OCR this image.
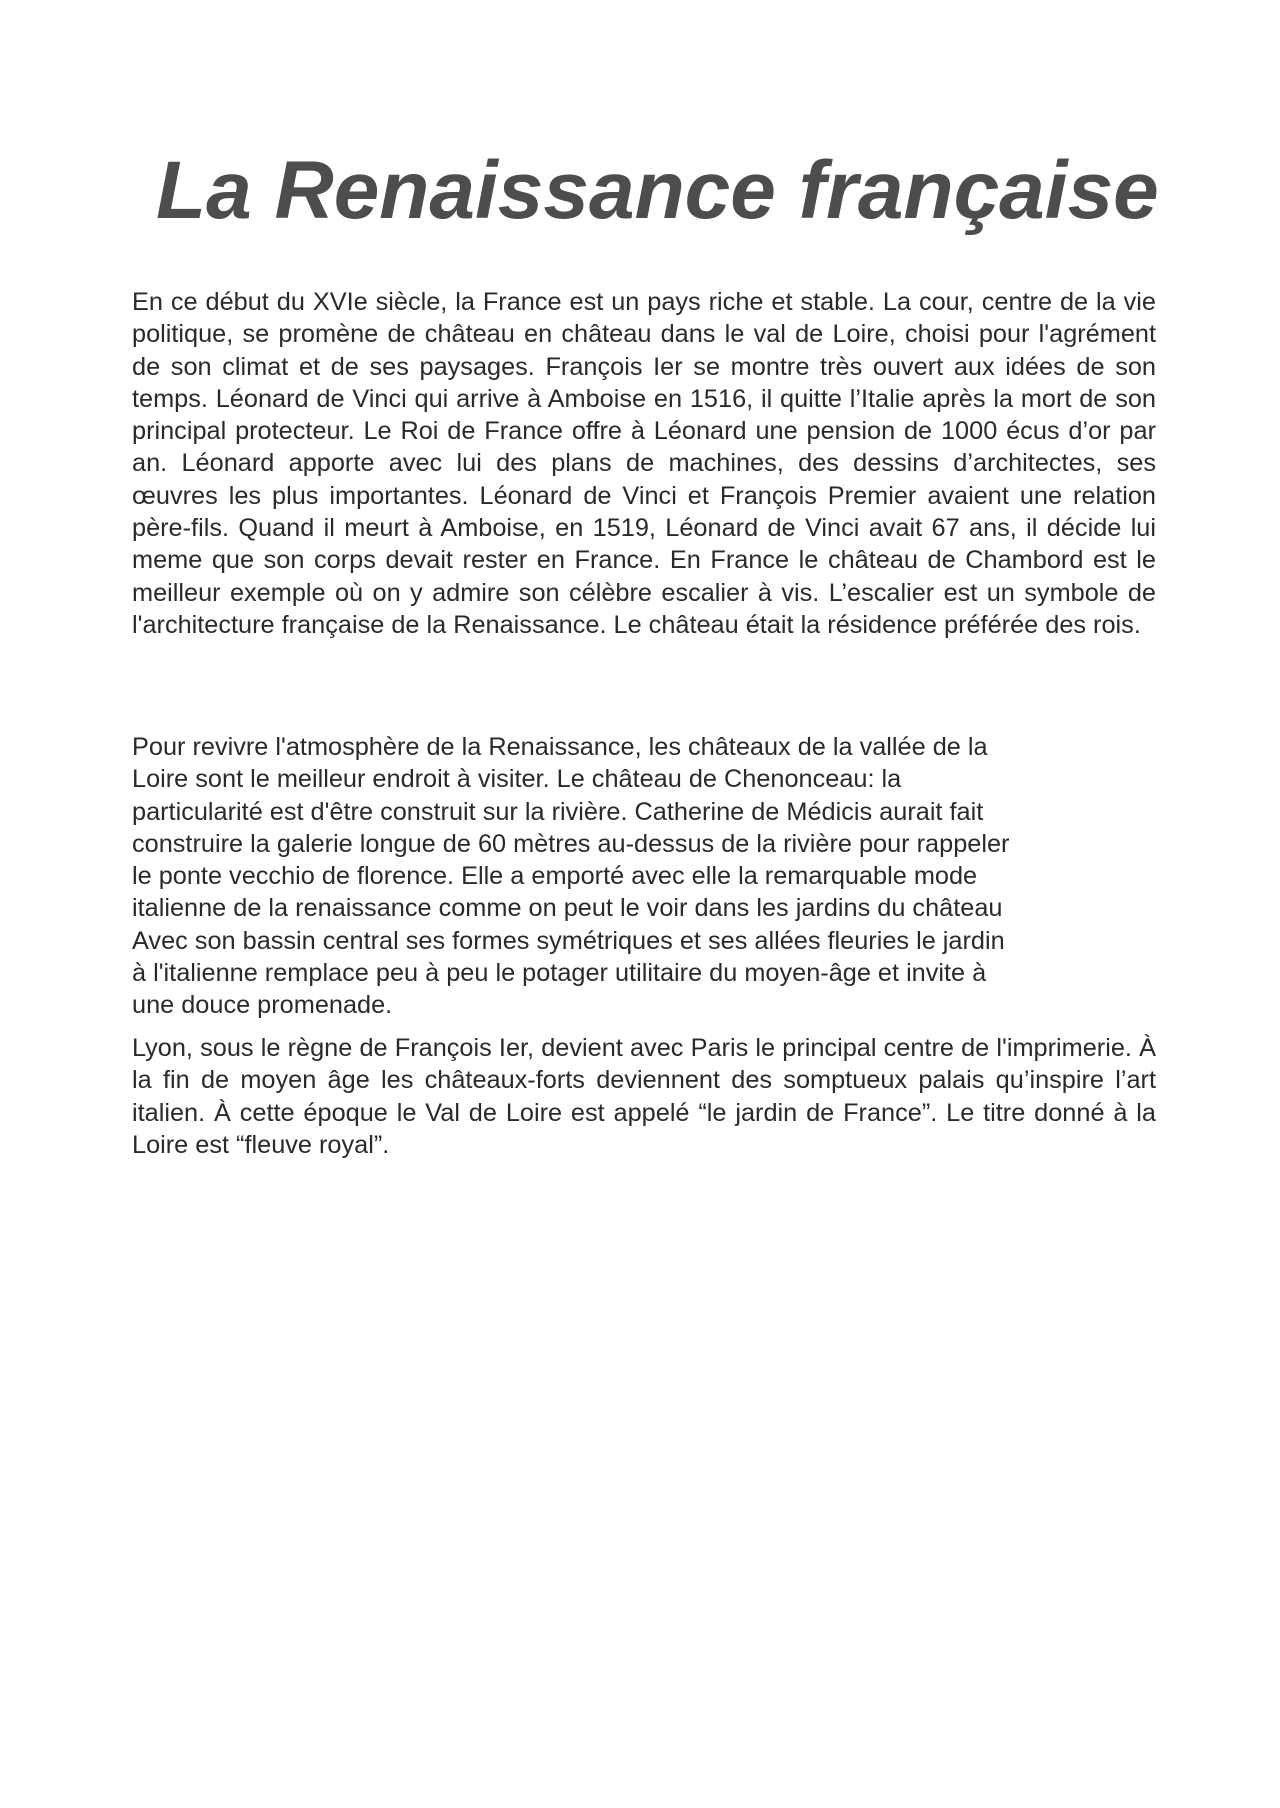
La Renaissance française

En ce début du XVIe siècle, la France est un pays riche et stable. La cour, centre de la vie politique, se promène de château en château dans le val de Loire, choisi pour l'agrément de son climat et de ses paysages. François Ier se montre très ouvert aux idées de son temps. Léonard de Vinci qui arrive à Amboise en 1516, il quitte l’Italie après la mort de son principal protecteur. Le Roi de France offre à Léonard une pension de 1000 écus d’or par an. Léonard apporte avec lui des plans de machines, des dessins d’architectes, ses œuvres les plus importantes. Léonard de Vinci et François Premier avaient une relation père-fils. Quand il meurt à Amboise, en 1519, Léonard de Vinci avait 67 ans, il décide lui meme que son corps devait rester en France. En France le château de Chambord est le meilleur exemple où on y admire son célèbre escalier à vis. L’escalier est un symbole de l'architecture française de la Renaissance. Le château était la résidence préférée des rois.

Pour revivre l'atmosphère de la Renaissance, les châteaux de la vallée de la
Loire sont le meilleur endroit à visiter. Le château de Chenonceau: la
particularité est d'être construit sur la rivière. Catherine de Médicis aurait fait
construire la galerie longue de 60 mètres au-dessus de la rivière pour rappeler
le ponte vecchio de florence. Elle a emporté avec elle la remarquable mode
italienne de la renaissance comme on peut le voir dans les jardins du château
Avec son bassin central ses formes symétriques et ses allées fleuries le jardin
à l'italienne remplace peu à peu le potager utilitaire du moyen-âge et invite à
une douce promenade.

Lyon, sous le règne de François Ier, devient avec Paris le principal centre de l'imprimerie. À la fin de moyen âge les châteaux-forts deviennent des somptueux palais qu’inspire l’art italien. À cette époque le Val de Loire est appelé “le jardin de France”. Le titre donné à la Loire est “fleuve royal”.
